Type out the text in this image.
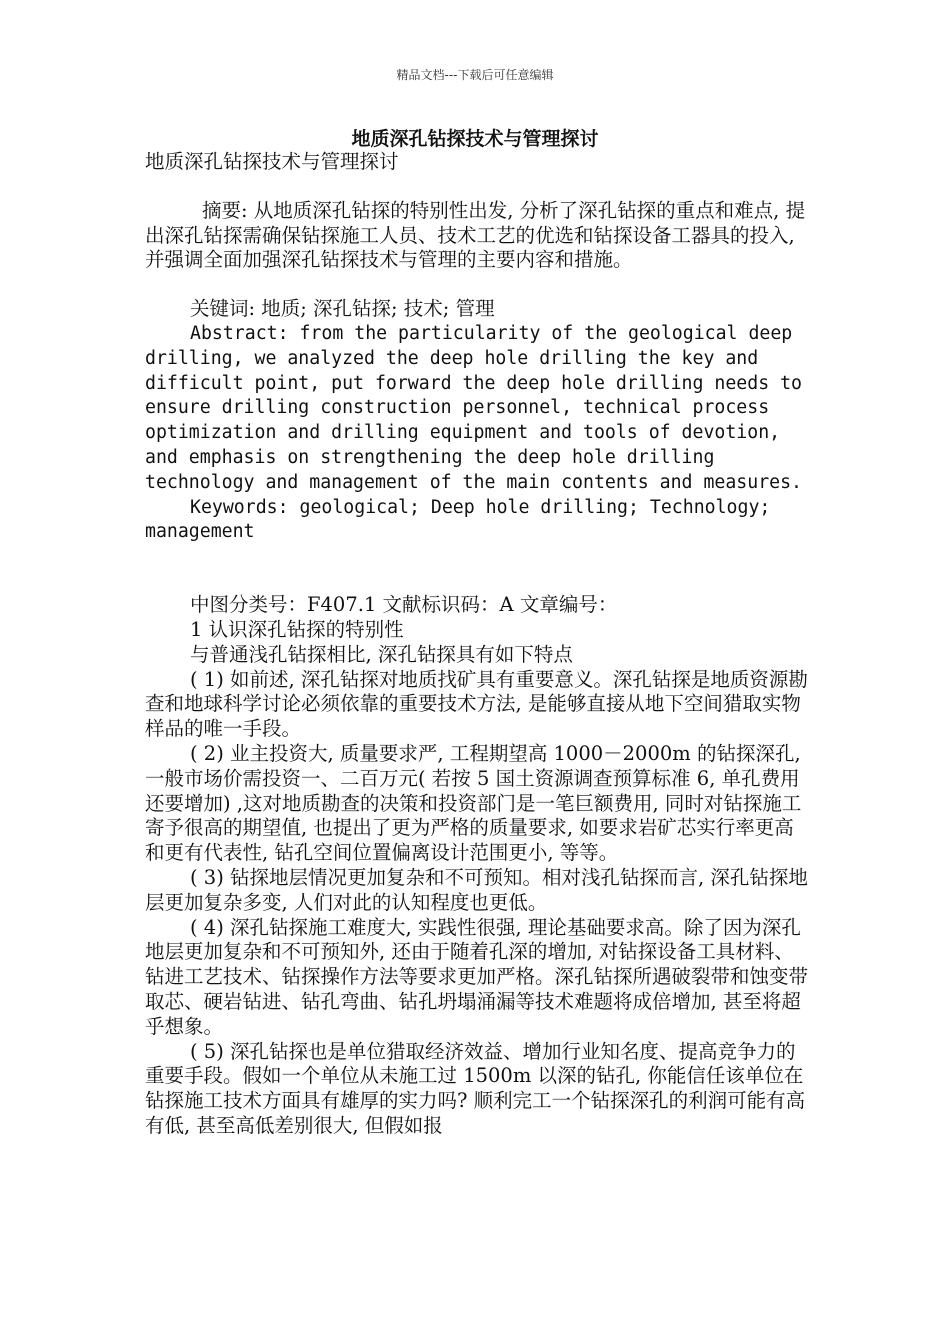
精品文档---下载后可任意编辑
地质深孔钻探技术与管理探讨

地质深孔钻探技术与管理探讨

摘要: 从地质深孔钻探的特别性出发, 分析了深孔钻探的重点和难点, 提出深孔钻探需确保钻探施工人员、技术工艺的优选和钻探设备工器具的投入, 并强调全面加强深孔钻探技术与管理的主要内容和措施。

关键词: 地质; 深孔钻探; 技术; 管理

Abstract: from the particularity of the geological deep drilling, we analyzed the deep hole drilling the key and difficult point, put forward the deep hole drilling needs to ensure drilling construction personnel, technical process optimization and drilling equipment and tools of devotion, and emphasis on strengthening the deep hole drilling technology and management of the main contents and measures.

Keywords: geological; Deep hole drilling; Technology; management

中图分类号：F407.1 文献标识码：A 文章编号：

1 认识深孔钻探的特别性

与普通浅孔钻探相比, 深孔钻探具有如下特点

( 1) 如前述, 深孔钻探对地质找矿具有重要意义。深孔钻探是地质资源勘查和地球科学讨论必须依靠的重要技术方法, 是能够直接从地下空间猎取实物样品的唯一手段。

( 2) 业主投资大, 质量要求严, 工程期望高 1000－2000m 的钻探深孔, 一般市场价需投资一、二百万元( 若按 5 国土资源调查预算标准 6, 单孔费用还要增加) ,这对地质勘查的决策和投资部门是一笔巨额费用, 同时对钻探施工寄予很高的期望值, 也提出了更为严格的质量要求, 如要求岩矿芯实行率更高和更有代表性, 钻孔空间位置偏离设计范围更小, 等等。

( 3) 钻探地层情况更加复杂和不可预知。相对浅孔钻探而言, 深孔钻探地层更加复杂多变, 人们对此的认知程度也更低。

( 4) 深孔钻探施工难度大, 实践性很强, 理论基础要求高。除了因为深孔地层更加复杂和不可预知外, 还由于随着孔深的增加, 对钻探设备工具材料、钻进工艺技术、钻探操作方法等要求更加严格。深孔钻探所遇破裂带和蚀变带取芯、硬岩钻进、钻孔弯曲、钻孔坍塌涌漏等技术难题将成倍增加, 甚至将超乎想象。

( 5) 深孔钻探也是单位猎取经济效益、增加行业知名度、提高竞争力的重要手段。假如一个单位从未施工过 1500m 以深的钻孔, 你能信任该单位在钻探施工技术方面具有雄厚的实力吗? 顺利完工一个钻探深孔的利润可能有高有低, 甚至高低差别很大, 但假如报
